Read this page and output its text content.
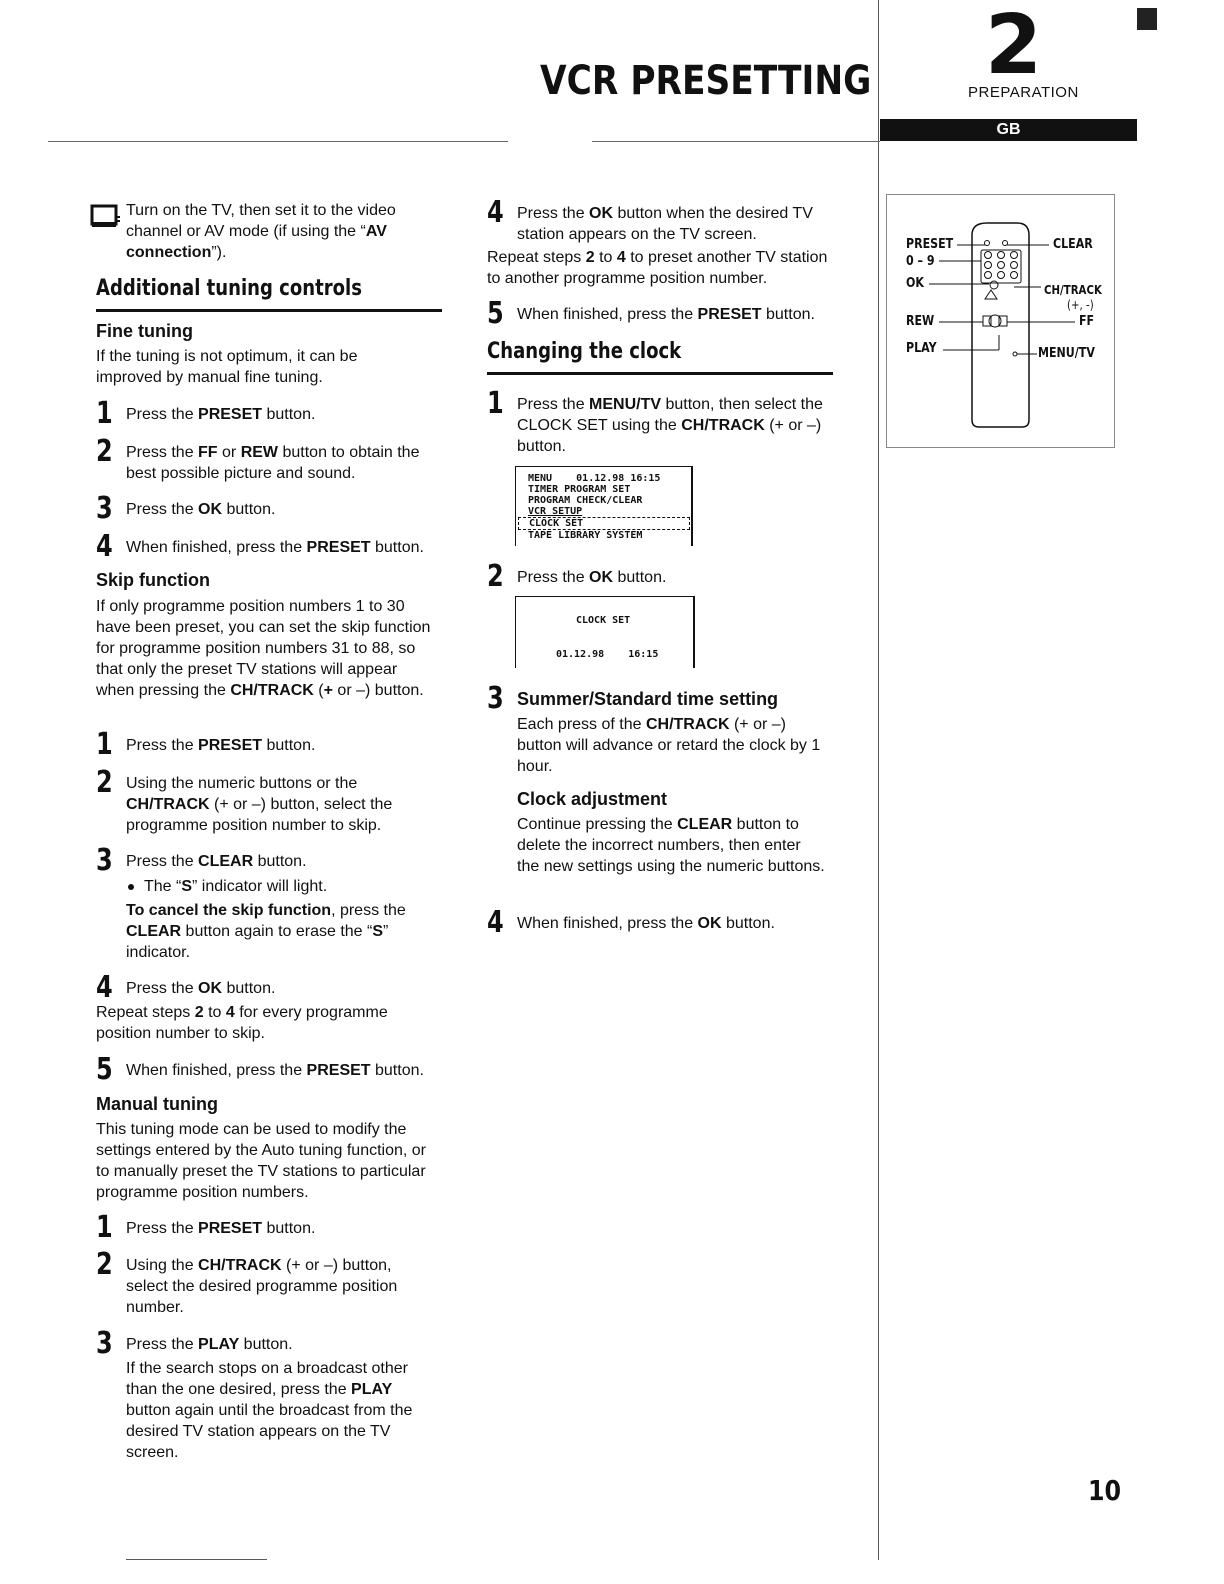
VCR PRESETTING 2
PREPARATION
GB

Turn on the TV, then set it to the video channel or AV mode (if using the “AV connection”).

Additional tuning controls
Fine tuning

If the tuning is not optimum, it can be improved by manual fine tuning.

1 Press the PRESET button.

2 Press the FF or REW button to obtain the best possible picture and sound.

3 Press the OK button.

4 When finished, press the PRESET button.

Skip function

If only programme position numbers 1 to 30 have been preset, you can set the skip function for programme position numbers 31 to 88, so that only the preset TV stations will appear when pressing the CH/TRACK (+ or –) button.

1 Press the PRESET button.

2 Using the numeric buttons or the CH/TRACK (+ or –) button, select the programme position number to skip.

3 Press the CLEAR button.

The “S” indicator will light.

To cancel the skip function, press the CLEAR button again to erase the “S” indicator.

4 Press the OK button.

Repeat steps 2 to 4 for every programme position number to skip.

5 When finished, press the PRESET button.

Manual tuning

This tuning mode can be used to modify the settings entered by the Auto tuning function, or to manually preset the TV stations to particular programme position numbers.

1 Press the PRESET button.

2 Using the CH/TRACK (+ or –) button, select the desired programme position number.

3 Press the PLAY button.

If the search stops on a broadcast other than the one desired, press the PLAY button again until the broadcast from the desired TV station appears on the TV screen.

4 Press the OK button when the desired TV station appears on the TV screen.

Repeat steps 2 to 4 to preset another TV station to another programme position number.

5 When finished, press the PRESET button.

Changing the clock
1 Press the MENU/TV button, then select the CLOCK SET using the CH/TRACK (+ or –) button.

MENU    01.12.98 16:15
TIMER PROGRAM SET
PROGRAM CHECK/CLEAR
VCR SETUP
CLOCK SET
TAPE LIBRARY SYSTEM
2 Press the OK button.

CLOCK SET
01.12.98    16:15
3 Summer/Standard time setting

Each press of the CH/TRACK (+ or –) button will advance or retard the clock by 1 hour.

Clock adjustment

Continue pressing the CLEAR button to delete the incorrect numbers, then enter the new settings using the numeric buttons.

4 When finished, press the OK button.

PRESET
0 – 9
OK
REW
PLAY
CLEAR
CH/TRACK
(+, -)
FF
MENU/TV
10
